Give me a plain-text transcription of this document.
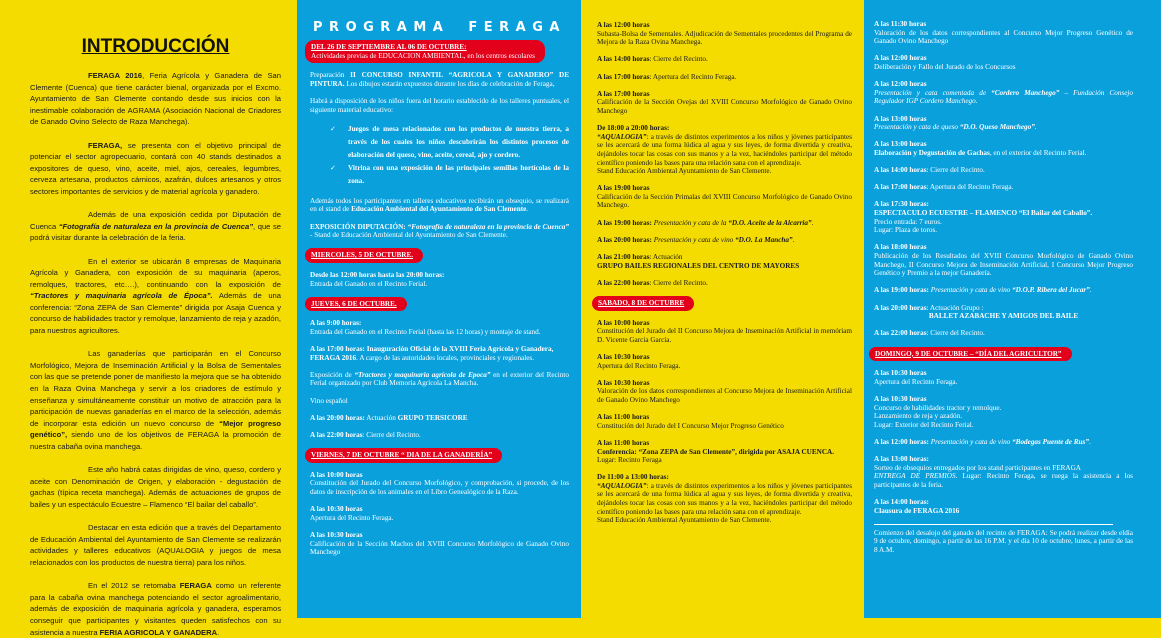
INTRODUCCIÓN

FERAGA 2016, Feria Agrícola y Ganadera de San Clemente (Cuenca) que tiene carácter bienal, organizada por el Excmo. Ayuntamiento de San Clemente contando desde sus inicios con la inestimable colaboración de AGRAMA (Asociación Nacional de Criadores de Ganado Ovino Selecto de Raza Manchega).

FERAGA, se presenta con el objetivo principal de potenciar el sector agropecuario, contará con 40 stands destinados a expositores de queso, vino, aceite, miel, ajos, cereales, legumbres, cerveza artesana, productos cárnicos, azafrán, dulces artesanos y otros sectores importantes de servicios y de material agrícola y ganadero.

Además de una exposición cedida por Diputación de Cuenca “Fotografía de naturaleza en la provincia de Cuenca”, que se podrá visitar durante la celebración de la feria.

En el exterior se ubicarán 8 empresas de Maquinaria Agrícola y Ganadera, con exposición de su maquinaria (aperos, remolques, tractores, etc….), continuando con la exposición de “Tractores y maquinaria agrícola de Época”. Además de una conferencia: “Zona ZEPA de San Clemente” dirigida por Asaja Cuenca y concurso de habilidades tractor y remolque, lanzamiento de reja y azadón, para nuestros agricultores.

Las ganaderías que participarán en el Concurso Morfológico, Mejora de Inseminación Artificial y la Bolsa de Sementales con las que se pretende poner de manifiesto la mejora que se ha obtenido en la Raza Ovina Manchega y servir a los criadores de estímulo y enseñanza y simultáneamente constituir un motivo de atracción para la participación de nuevas ganaderías en el marco de la selección, además de incorporar esta edición un nuevo concurso de “Mejor progreso genético”, siendo uno de los objetivos de FERAGA la promoción de nuestra cabaña ovina manchega.

Este año habrá catas dirigidas de vino, queso, cordero y aceite con Denominación de Origen, y elaboración - degustación de gachas (típica receta manchega). Además de actuaciones de grupos de bailes y un espectáculo Ecuestre – Flamenco “El bailar del caballo”.

Destacar en esta edición que a través del Departamento de Educación Ambiental del Ayuntamiento de San Clemente se realizarán actividades y talleres educativos (AQUALOGIA y juegos de mesa relacionados con los productos de nuestra tierra) para los niños.

En el 2012 se retomaba FERAGA como un referente para la cabaña ovina manchega potenciando el sector agroalimentario, además de exposición de maquinaria agrícola y ganadera, esperamos conseguir que participantes y visitantes queden satisfechos con su asistencia a nuestra FERIA AGRICOLA Y GANADERA.

PROGRAMA FERAGA
DEL 26 DE SEPTIEMBRE AL 06 DE OCTUBRE:
Actividades previas de EDUCACION AMBIENTAL, en los centros escolares
Preparación II CONCURSO INFANTIL “AGRICOLA Y GANADERO” DE PINTURA. Los dibujos estarán expuestos durante los días de celebración de Feraga,
Habrá a disposición de los niños fuera del horario establecido de los talleres puntuales, el siguiente material educativo:
✓ Juegos de mesa relacionados con los productos de nuestra tierra, a través de los cuales los niños descubrirán los distintos procesos de elaboración del queso, vino, aceite, cereal, ajo y cordero.
✓ Vitrina con una exposición de las principales semillas hortícolas de la zona.
Además todos los participantes en talleres educativos recibirán un obsequio, se realizará en el stand de Educación Ambiental del Ayuntamiento de San Clemente.
EXPOSICIÓN DIPUTACIÓN: “Fotografía de naturaleza en la provincia de Cuenca” - Stand de Educación Ambiental del Ayuntamiento de San Clemente.
MIERCOLES, 5 DE OCTUBRE.
Desde las 12:00 horas hasta las 20:00 horas:
Entrada del Ganado en el Recinto Ferial.
JUEVES, 6 DE OCTUBRE.
A las 9:00 horas:
Entrada del Ganado en el Recinto Ferial (hasta las 12 horas) y montaje de stand.
A las 17:00 horas: Inauguración Oficial de la XVIII Feria Agrícola y Ganadera,
FERAGA 2016. A cargo de las autoridades locales, provinciales y regionales.
Exposición de “Tractores y maquinaria agrícola de Epoca” en el exterior del Recinto Ferial organizado por Club Memoria Agrícola La Mancha.
Vino español
A las 20:00 horas: Actuación GRUPO TERSICORE
A las 22:00 horas: Cierre del Recinto.
VIERNES, 7 DE OCTUBRE “ DIA DE LA GANADERÍA”
A las 10:00 horas
Constitución del Jurado del Concurso Morfológico, y comprobación, si procede, de los datos de inscripción de los animales en el Libro Genealógico de la Raza.
A las 10:30 horas
Apertura del Recinto Feraga.
A las 10:30 horas
Calificación de la Sección Machos del XVIII Concurso Morfológico de Ganado Ovino Manchego
A las 12:00 horas
Subasta-Bolsa de Sementales. Adjudicación de Sementales procedentes del Programa de Mejora de la Raza Ovina Manchega.
A las 14:00 horas: Cierre del Recinto.
A las 17:00 horas: Apertura del Recinto Feraga.
A las 17:00 horas
Calificación de la Sección Ovejas del XVIII Concurso Morfológico de Ganado Ovino Manchego
De 18:00 a 20:00 horas:
“AQUALOGIA”: a través de distintos experimentos a los niños y jóvenes participantes se les acercará de una forma lúdica al agua y sus leyes, de forma divertida y creativa, dejándoles tocar las cosas con sus manos y a la vez, haciéndoles participar del método científico poniendo las bases para una relación sana con el aprendizaje.
Stand Educación Ambiental Ayuntamiento de San Clemente.
A las 19:00 horas
Calificación de la Sección Primalas del XVIII Concurso Morfológico de Ganado Ovino Manchego.
A las 19:00 horas: Presentación y cata de la “D.O. Aceite de la Alcarria”.
A las 20:00 horas: Presentación y cata de vino “D.O. La Mancha”.
A las 21:00 horas: Actuación
GRUPO BAILES REGIONALES DEL CENTRO DE MAYORES
A las 22:00 horas: Cierre del Recinto.
SABADO, 8 DE OCTUBRE
A las 10:00 horas
Constitución del Jurado del II Concurso Mejora de Inseminación Artificial in memóriam D. Vicente García García.
A las 10:30 horas
Apertura del Recinto Feraga.
A las 10:30 horas
Valoración de los datos correspondientes al Concurso Mejora de Inseminación Artificial de Ganado Ovino Manchego
A las 11:00 horas
Constitución del Jurado del I Concurso Mejor Progreso Genético
A las 11:00 horas
Conferencia: “Zona ZEPA de San Clemente”, dirigida por ASAJA CUENCA.
Lugar: Recinto Feraga
De 11:00 a 13:00 horas:
“AQUALOGIA”: a través de distintos experimentos a los niños y jóvenes participantes se les acercará de una forma lúdica al agua y sus leyes, de forma divertida y creativa, dejándoles tocar las cosas con sus manos y a la vez, haciéndoles participar del método científico poniendo las bases para una relación sana con el aprendizaje.
Stand Educación Ambiental Ayuntamiento de San Clemente.
A las 11:30 horas
Valoración de los datos correspondientes al Concurso Mejor Progreso Genético de Ganado Ovino Manchego
A las 12:00 horas
Deliberación y Fallo del Jurado de los Concursos
A las 12:00 horas
Presentación y cata comentada de “Cordero Manchego” – Fundación Consejo Regulador IGP Cordero Manchego.
A las 13:00 horas
Presentación y cata de queso “D.O. Queso Manchego”.
A las 13:00 horas
Elaboración y Degustación de Gachas, en el exterior del Recinto Ferial.
A las 14:00 horas: Cierre del Recinto.
A las 17:00 horas: Apertura del Recinto Feraga.
A las 17:30 horas:
ESPECTACULO ECUESTRE – FLAMENCO “El Bailar del Caballo”.
Precio entrada: 7 euros.
Lugar: Plaza de toros.
A las 18:00 horas
Publicación de los Resultados del XVIII Concurso Morfológico de Ganado Ovino Manchego, II Concurso Mejora de Inseminación Artificial, I Concurso Mejor Progreso Genético y Premio a la mejor Ganadería.
A las 19:00 horas: Presentación y cata de vino “D.O.P. Ribera del Jucar”.
A las 20:00 horas: Actuación Grupo :
BALLET AZABACHE Y AMIGOS DEL BAILE
A las 22:00 horas: Cierre del Recinto.
DOMINGO, 9 DE OCTUBRE – “DÍA DEL AGRICULTOR”
A las 10:30 horas
Apertura del Recinto Feraga.
A las 10:30 horas
Concurso de habilidades tractor y remolque.
Lanzamiento de reja y azadón.
Lugar: Exterior del Recinto Ferial.
A las 12:00 horas: Presentación y cata de vino “Bodegas Puente de Rus”.
A las 13:00 horas:
Sorteo de obsequios entregados por los stand participantes en FERAGA
ENTREGA DE PREMIOS. Lugar: Recinto Feraga, se ruega la asistencia a los participantes de la feria.
A las 14:00 horas:
Clausura de FERAGA 2016
Comienzo del desalojo del ganado del recinto de FERAGA: Se podrá realizar desde eldía 9 de octubre, domingo, a partir de las 16 P.M. y el día 10 de octubre, lunes, a partir de las 8 A.M.
